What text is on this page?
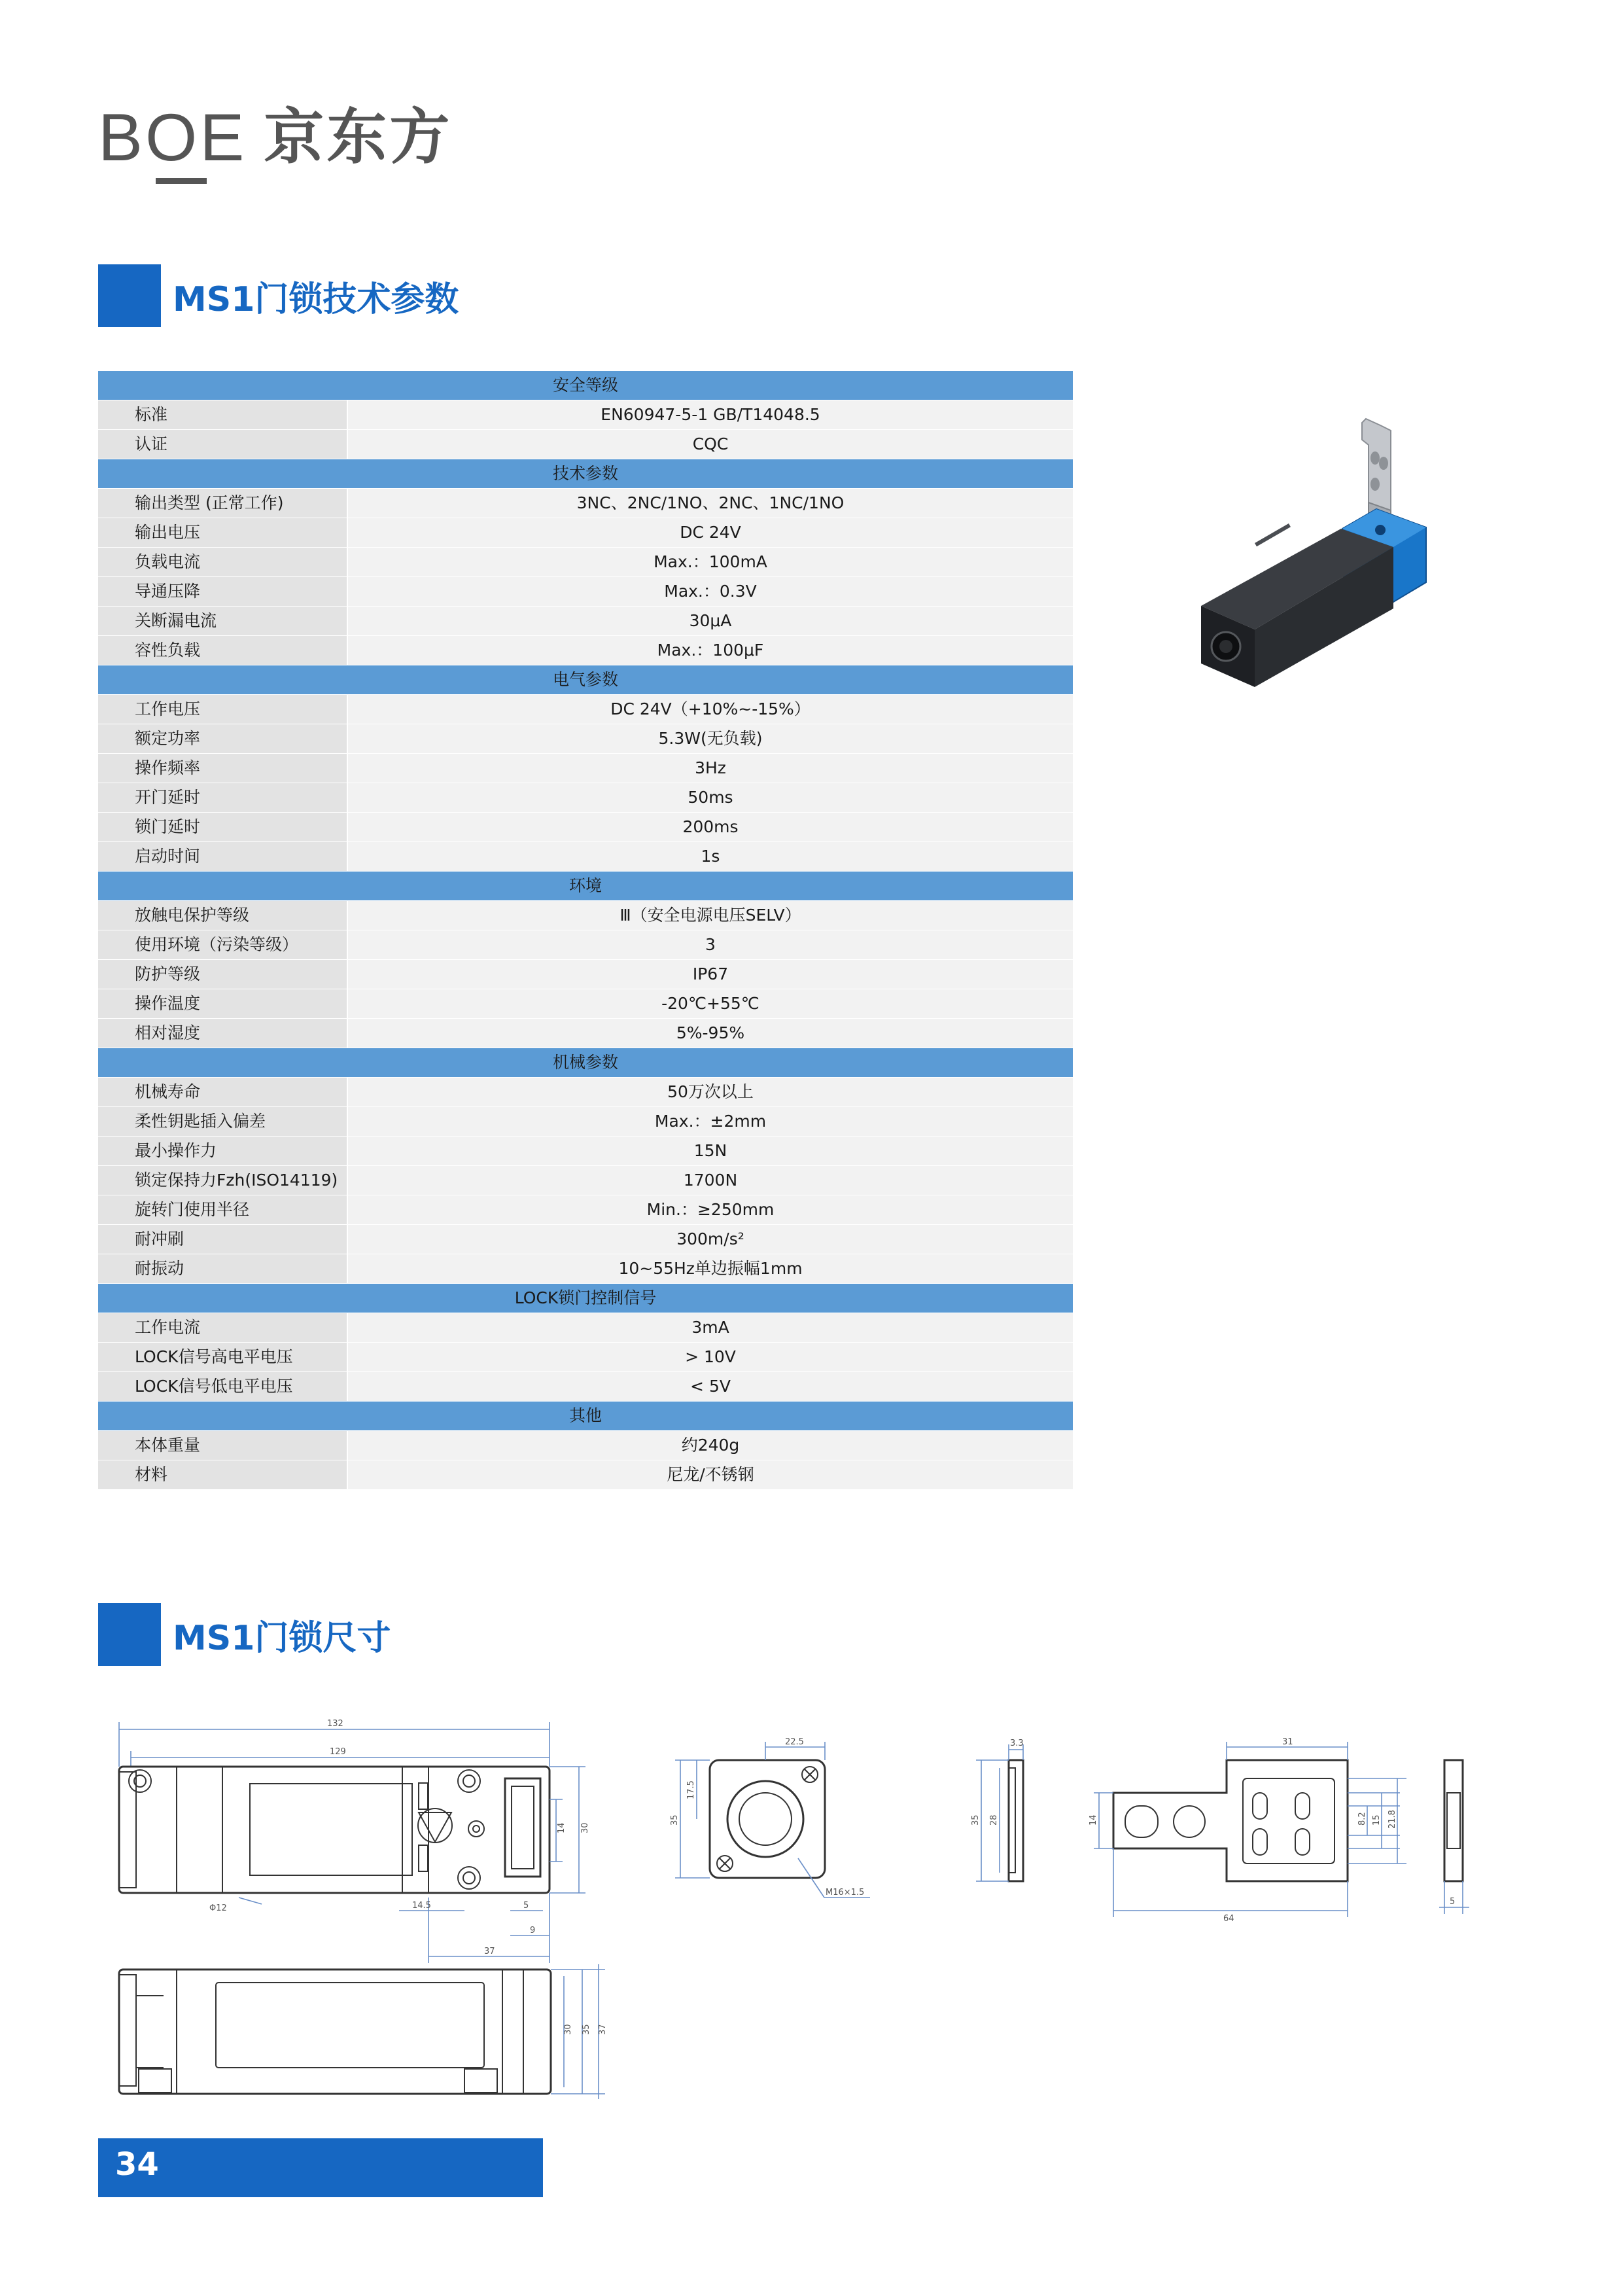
BOE 京东方
MS1门锁技术参数
安全等级
标准	EN60947-5-1 GB/T14048.5
认证	CQC
技术参数
输出类型 (正常工作)	3NC、2NC/1NO、2NC、1NC/1NO
输出电压	DC 24V
负载电流	Max.：100mA
导通压降	Max.：0.3V
关断漏电流	30μA
容性负载	Max.：100μF
电气参数
工作电压	DC 24V（+10%~-15%）
额定功率	5.3W(无负载)
操作频率	3Hz
开门延时	50ms
锁门延时	200ms
启动时间	1s
环境
放触电保护等级	Ⅲ（安全电源电压SELV）
使用环境（污染等级）	3
防护等级	IP67
操作温度	-20℃+55℃
相对湿度	5%-95%
机械参数
机械寿命	50万次以上
柔性钥匙插入偏差	Max.：±2mm
最小操作力	15N
锁定保持力Fzh(ISO14119)	1700N
旋转门使用半径	Min.：≥250mm
耐冲刷	300m/s²
耐振动	10~55Hz单边振幅1mm
LOCK锁门控制信号
工作电流	3mA
LOCK信号高电平电压	> 10V
LOCK信号低电平电压	< 5V
其他
本体重量	约240g
材料	尼龙/不锈钢
MS1门锁尺寸
132
129
14 30
Φ12	14.5	5
9
37
30 35 37
22.5
17.5
35
M16×1.5
3.3
35 28
31
14	8.2 15 21.8
64
5
34
